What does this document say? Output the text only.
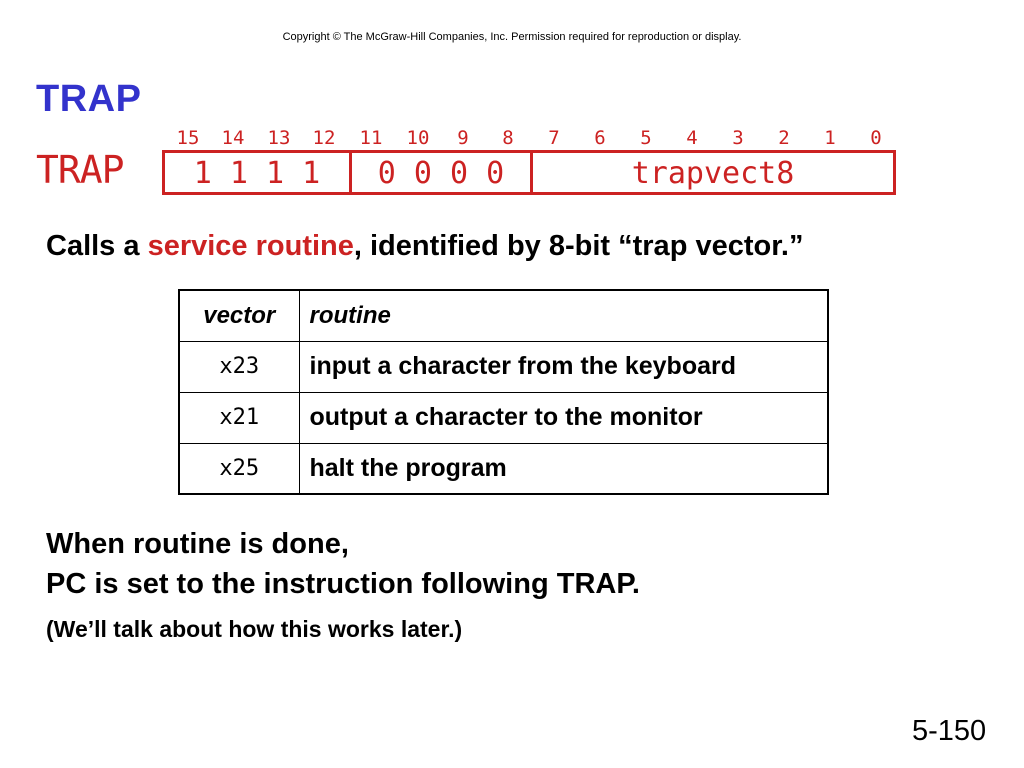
Copyright © The McGraw-Hill Companies, Inc. Permission required for reproduction or display.
TRAP
TRAP
15 14 13 12 11 10	9	8	7	6	5	4	3	2	1	0
1 1 1 1	0 0 0 0	trapvect8
Calls a service routine, identified by 8-bit “trap vector.”
vector	routine
x23	input a character from the keyboard
x21	output a character to the monitor
x25	halt the program
When routine is done,
PC is set to the instruction following TRAP.
(We’ll talk about how this works later.)
5-150
